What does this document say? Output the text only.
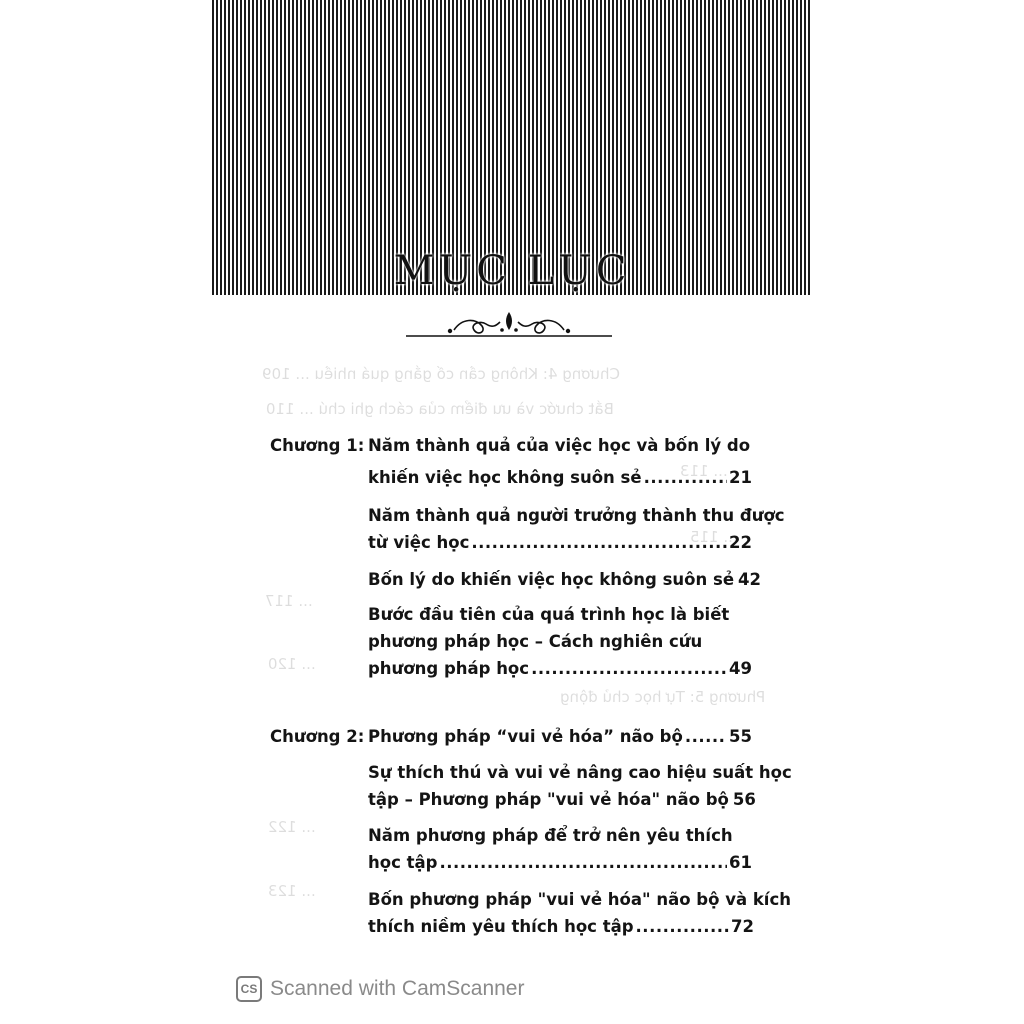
Chương 4: Không cần cố gắng quá nhiều ... 109
Bắt chước và ưu điểm của cách ghi chú ... 110
... 113
... 115
... 117
Phương 5: Tự học chủ động
... 120
... 122
... 123
MỤC LỤC
Chương 1: Năm thành quả của việc học và bốn lý do
khiến việc học không suôn sẻ .....	21
Năm thành quả người trưởng thành thu được
từ việc học .....	22
Bốn lý do khiến việc học không suôn sẻ 42
Bước đầu tiên của quá trình học là biết
phương pháp học – Cách nghiên cứu
phương pháp học .....	49
Chương 2: Phương pháp “vui vẻ hóa” não bộ .....	55
Sự thích thú và vui vẻ nâng cao hiệu suất học
tập – Phương pháp "vui vẻ hóa" não bộ 56
Năm phương pháp để trở nên yêu thích
học tập .....	61
Bốn phương pháp "vui vẻ hóa" não bộ và kích
thích niềm yêu thích học tập .....	72
CS Scanned with CamScanner
